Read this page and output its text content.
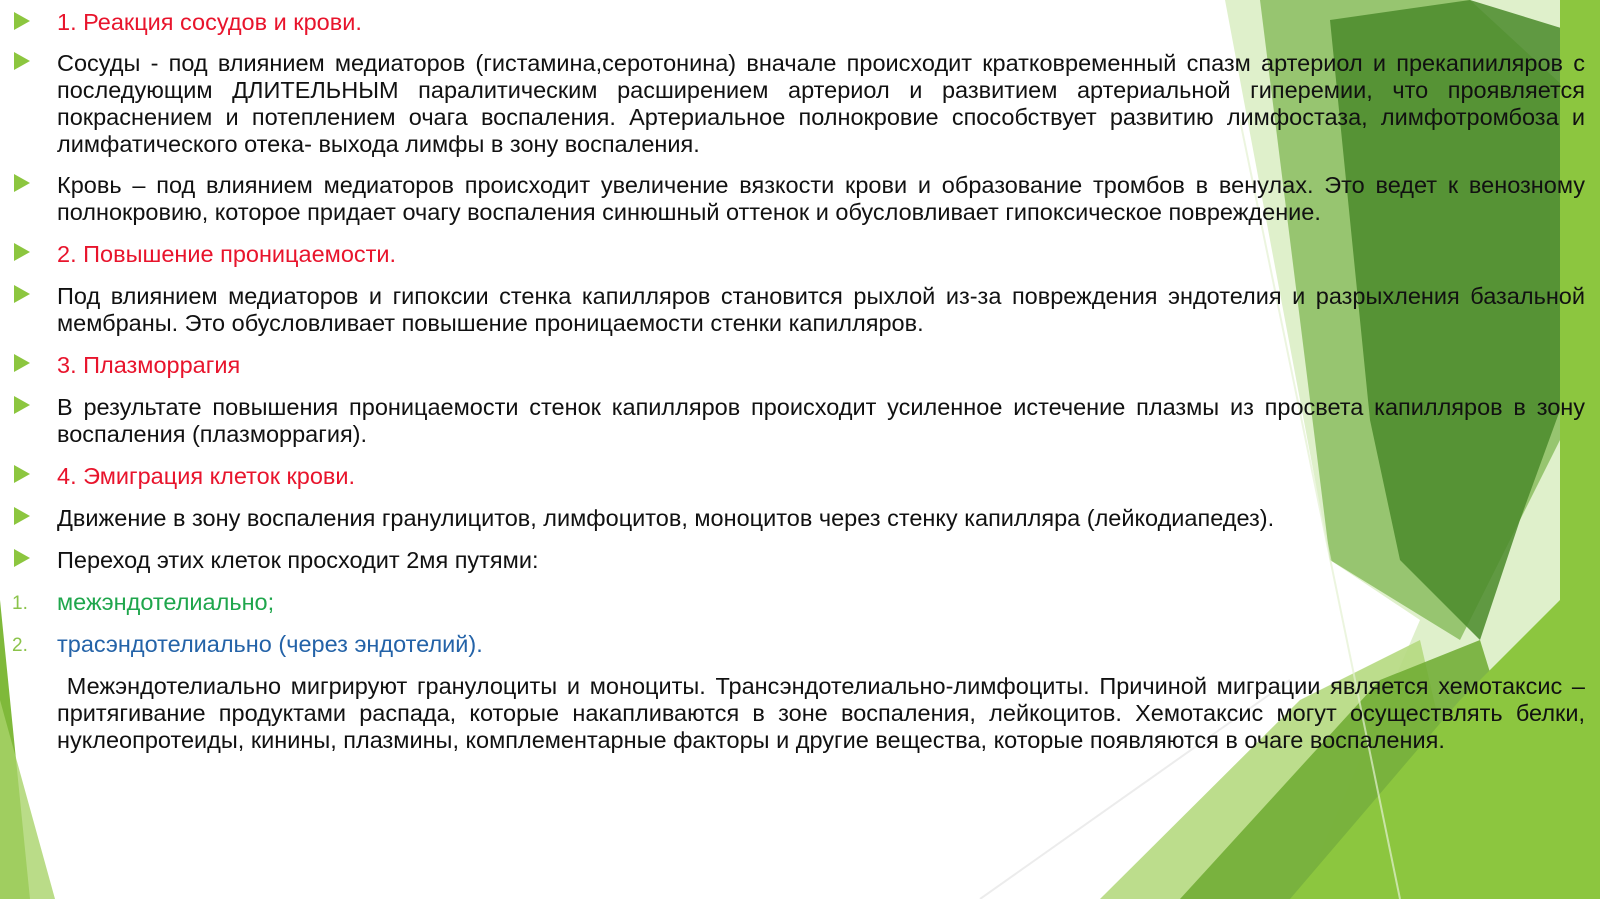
1. Реакция сосудов и крови.
Сосуды - под влиянием медиаторов (гистамина,серотонина) вначале происходит кратковременный спазм артериол и прекапииляров с последующим ДЛИТЕЛЬНЫМ паралитическим расширением артериол и развитием артериальной гиперемии, что проявляется покраснением и потеплением очага воспаления. Артериальное полнокровие способствует развитию лимфостаза, лимфотромбоза и лимфатического отека- выхода лимфы в зону воспаления.
Кровь – под влиянием медиаторов происходит увеличение вязкости крови и образование тромбов в венулах. Это ведет к венозному полнокровию, которое придает очагу воспаления синюшный оттенок и обусловливает гипоксическое повреждение.
2. Повышение проницаемости.
Под влиянием медиаторов и гипоксии стенка капилляров становится рыхлой из-за повреждения эндотелия и разрыхления базальной мембраны. Это обусловливает повышение проницаемости стенки капилляров.
3. Плазморрагия
В результате повышения проницаемости стенок капилляров происходит усиленное истечение плазмы из просвета капилляров в зону воспаления (плазморрагия).
4. Эмиграция клеток крови.
Движение в зону воспаления гранулицитов, лимфоцитов, моноцитов через стенку капилляра (лейкодиапедез).
Переход этих клеток просходит 2мя путями:
1. межэндотелиально;
2. трасэндотелиально (через эндотелий).
Межэндотелиально мигрируют гранулоциты и моноциты. Трансэндотелиально-лимфоциты. Причиной миграции является хемотаксис – притягивание продуктами распада, которые накапливаются в зоне воспаления, лейкоцитов. Хемотаксис могут осуществлять белки, нуклеопротеиды, кинины, плазмины, комплементарные факторы и другие вещества, которые появляются в очаге воспаления.
